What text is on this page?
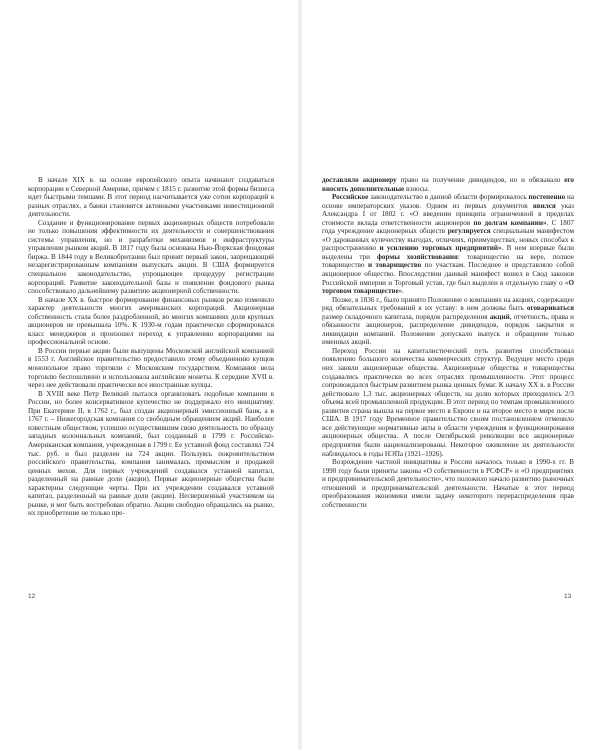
В начале XIX в. на основе европейского опыта начинают создаваться корпорации в Северной Америке, причем с 1815 г. развитие этой формы бизнеса идет быстрыми темпами. В этот период насчитывается уже сотни корпораций в разных отраслях, а банки становятся активными участниками инвестиционной деятельности.

Создание и функционирование первых акционерных обществ потребовали не только повышения эффективности их деятельности и совершенствования системы управления, но и разработки механизмов и инфраструктуры управления рынком акций. В 1817 году была основана Нью-Йоркская фондовая биржа. В 1844 году в Великобритании был принят первый закон, запрещающий незарегистрированным компаниям выпускать акции. В США формируется специальное законодательство, упрощающее процедуру регистрации корпораций. Развитие законодательной базы и появление фондового рынка способствовало дальнейшему развитию акционерной собственности.

В начале XX в. быстрое формирование финансовых рынков резко изменило характер деятельности многих американских корпораций. Акционерная собственность стала более раздробленной, во многих компаниях доля крупных акционеров не превышала 10%. К 1930-м годам практически сформировался класс менеджеров и произошел переход к управлению корпорациями на профессиональной основе.

В России первые акции были выпущены Московской английской компанией в 1553 г. Английское правительство предоставило этому объединению купцов монопольное право торговли с Московским государством. Компания вела торговлю беспошлинно и использовала английские монеты. К середине XVII в. через нее действовали практически все иностранные купцы.

В XVIII веке Петр Великий пытался организовать подобные компании в России, но более консервативное купечество не поддержало его инициативу. При Екатерине II, в 1762 г., был создан акционерный эмиссионный банк, а в 1767 г. – Нижегородская компания со свободным обращением акций. Наиболее известным обществом, успешно осуществившим свою деятельность по образцу западных колониальных компаний, был созданный в 1799 г. Российско-Американская компания, учрежденная в 1799 г. Ее уставной фонд составлял 724 тыс. руб. и был разделен на 724 акции. Пользуясь покровительством российского правительства, компания занималась промыслом и продажей ценных мехов. Для первых учреждений создавался уставной капитал, разделенный на равные доли (акции). Первые акционерные общества были характерны следующие черты. При их учреждении создавался уставной капитал, разделенный на равные доли (акции). Несвершенный участником на рынке, и мог быть востребован обратно. Акции свободно обращались на рынке, их приобретение не только пре-

12

доставляло акционеру право на получение дивидендов, но и обязывало его вносить дополнительные взносы.

Российское законодательство в данной области формировалось постепенно на основе императорских указов. Одним из первых документов явился указ Александра I от 1802 г. «О введении принципа ограниченной в пределах стоимости вклада ответственности акционеров по долгам компании». С 1807 года учреждение акционерных обществ регулируется специальным манифестом «О дарованных купечеству выгодах, отличиях, преимуществах, новых способах к распространению и усилению торговых предприятий». В нем впервые были выделены три формы хозяйствования: товарищество на вере, полное товарищество и товарищество по участкам. Последнее и представляло собой акционерное общество. Впоследствии данный манифест вошел в Свод законов Российской империи и Торговый устав, где был выделен в отдельную главу о «О торговом товариществе».

Позже, в 1836 г., было принято Положение о компаниях на акциях, содержащее ряд обязательных требований к их уставу: в нем должны быть оговариваться размер складочного капитала, порядок распределения акций, отчетность, права и обязанности акционеров, распределение дивидендов, порядок закрытия и ликвидации компаний. Положение допускало выпуск и обращение только именных акций.

Переход России на капиталистический путь развития способствовал появлению большого количества коммерческих структур. Ведущее место среди них заняли акционерные общества. Акционерные общества и товарищества создавались практически во всех отраслях промышленности. Этот процесс сопровождался быстрым развитием рынка ценных бумаг. К началу XX в. в России действовало 1,3 тыс. акционерных обществ, на долю которых приходилось 2/3 объема всей промышленной продукции. В этот период по темпам промышленного развития страна вышла на первое место в Европе и на второе место в мире после США. В 1917 году Временное правительство своим постановлением отменило все действующие нормативные акты в области учреждения и функционирования акционерных общества. А после Октябрьской революции все акционерные предприятия были национализированы. Некоторое оживление их деятельности наблюдалось в годы НЭПа (1921–1926).

Возрождение частной инициативы в России началось только в 1990-х гг. В 1990 году были приняты законы «О собственности в РСФСР» и «О предприятиях и предпринимательской деятельности», что положило начало развитию рыночных отношений и предпринимательской деятельности. Начатые в этот период преобразования экономики имели задачу некоторого перераспределения прав собственности

13
